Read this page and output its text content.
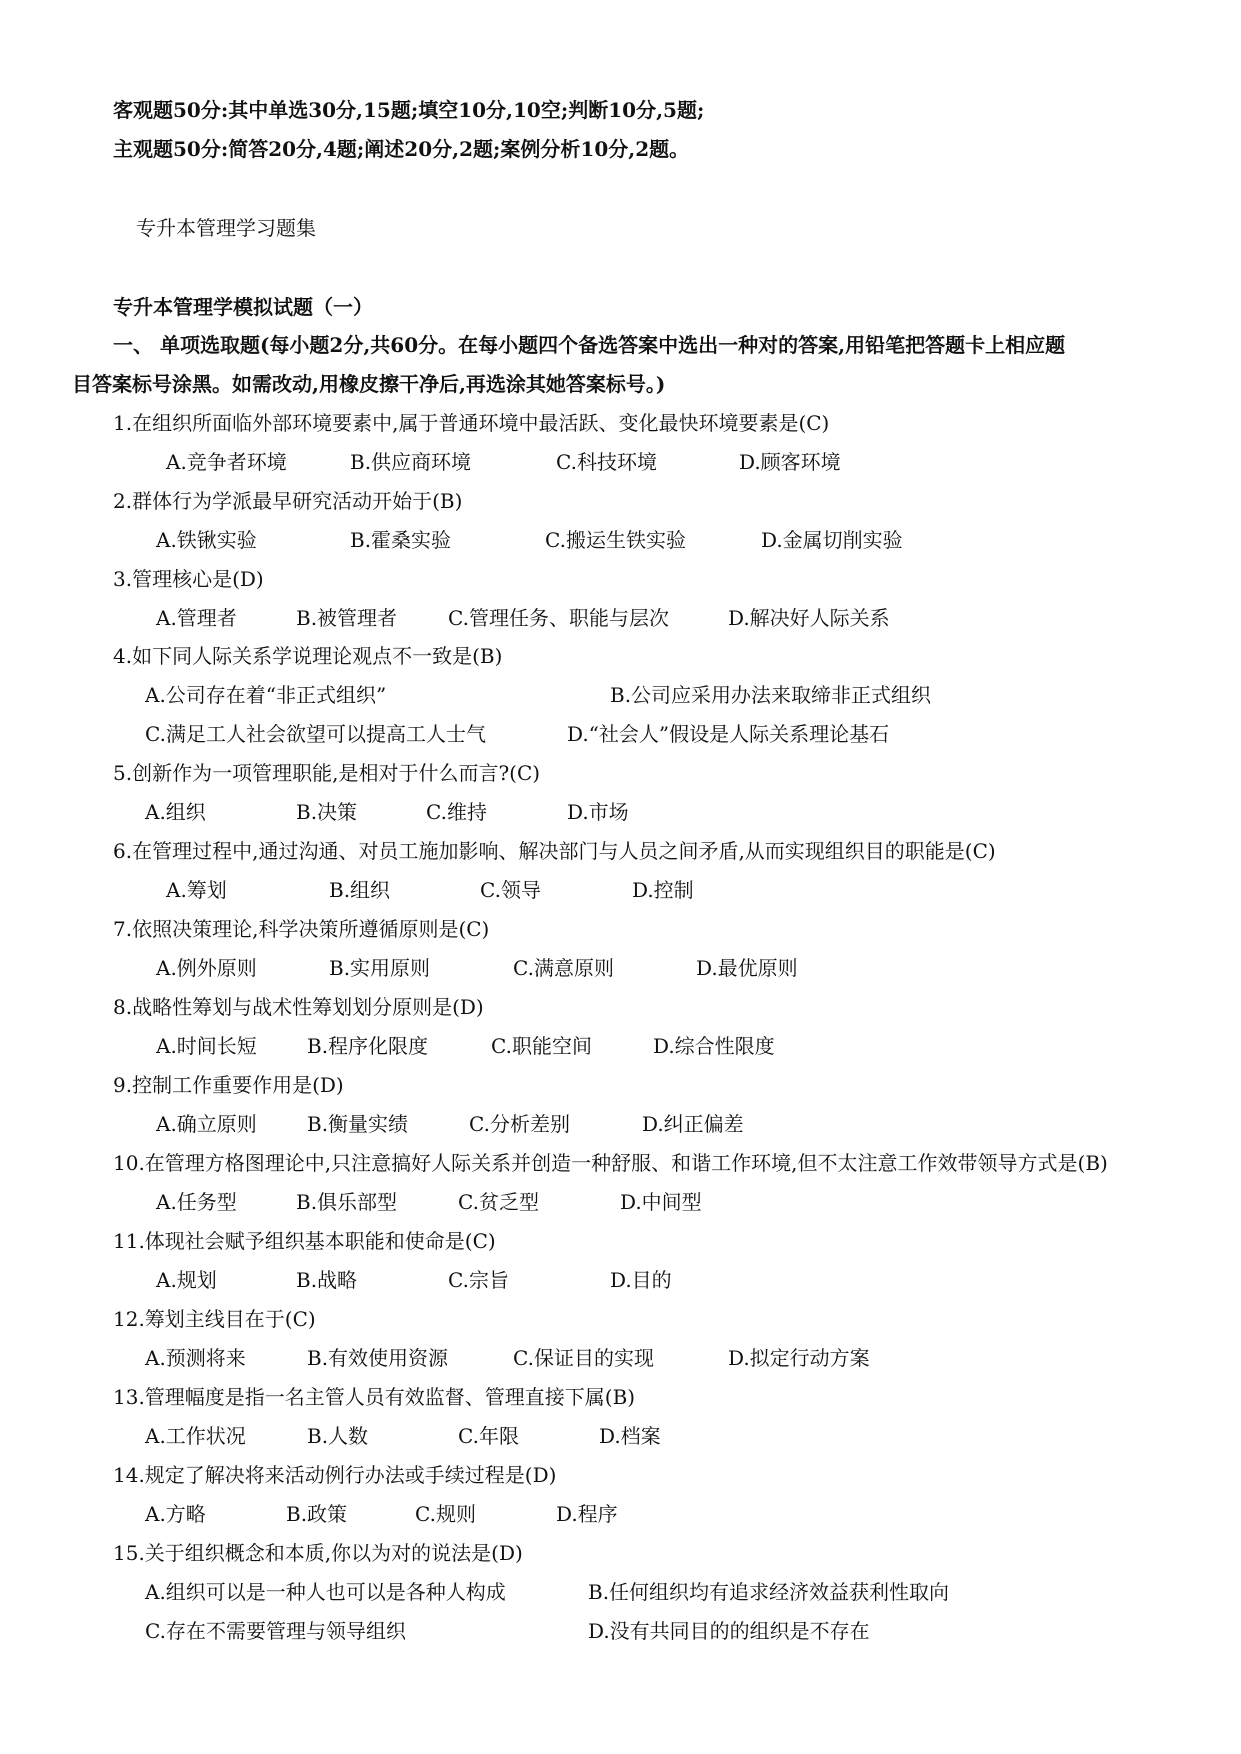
客观题50分:其中单选30分,15题;填空10分,10空;判断10分,5题;
主观题50分:简答20分,4题;阐述20分,2题;案例分析10分,2题。
专升本管理学习题集
专升本管理学模拟试题（一）
一、 单项选取题(每小题2分,共60分。在每小题四个备选答案中选出一种对的答案,用铅笔把答题卡上相应题
目答案标号涂黑。如需改动,用橡皮擦干净后,再选涂其她答案标号。)
1.在组织所面临外部环境要素中,属于普通环境中最活跃、变化最快环境要素是(C)
A.竞争者环境	B.供应商环境	C.科技环境	D.顾客环境
2.群体行为学派最早研究活动开始于(B)
A.铁锹实验	B.霍桑实验	C.搬运生铁实验	D.金属切削实验
3.管理核心是(D)
A.管理者	B.被管理者	C.管理任务、职能与层次	D.解决好人际关系
4.如下同人际关系学说理论观点不一致是(B)
A.公司存在着“非正式组织”	B.公司应采用办法来取缔非正式组织
C.满足工人社会欲望可以提高工人士气	D.“社会人”假设是人际关系理论基石
5.创新作为一项管理职能,是相对于什么而言?(C)
A.组织	B.决策	C.维持	D.市场
6.在管理过程中,通过沟通、对员工施加影响、解决部门与人员之间矛盾,从而实现组织目的职能是(C)
A.筹划	B.组织	C.领导	D.控制
7.依照决策理论,科学决策所遵循原则是(C)
A.例外原则	B.实用原则	C.满意原则	D.最优原则
8.战略性筹划与战术性筹划划分原则是(D)
A.时间长短	B.程序化限度	C.职能空间	D.综合性限度
9.控制工作重要作用是(D)
A.确立原则	B.衡量实绩	C.分析差别	D.纠正偏差
10.在管理方格图理论中,只注意搞好人际关系并创造一种舒服、和谐工作环境,但不太注意工作效带领导方式是(B)
A.任务型	B.俱乐部型	C.贫乏型	D.中间型
11.体现社会赋予组织基本职能和使命是(C)
A.规划	B.战略	C.宗旨	D.目的
12.筹划主线目在于(C)
A.预测将来	B.有效使用资源	C.保证目的实现	D.拟定行动方案
13.管理幅度是指一名主管人员有效监督、管理直接下属(B)
A.工作状况	B.人数	C.年限	D.档案
14.规定了解决将来活动例行办法或手续过程是(D)
A.方略	B.政策	C.规则	D.程序
15.关于组织概念和本质,你以为对的说法是(D)
A.组织可以是一种人也可以是各种人构成	B.任何组织均有追求经济效益获利性取向
C.存在不需要管理与领导组织	D.没有共同目的的组织是不存在
